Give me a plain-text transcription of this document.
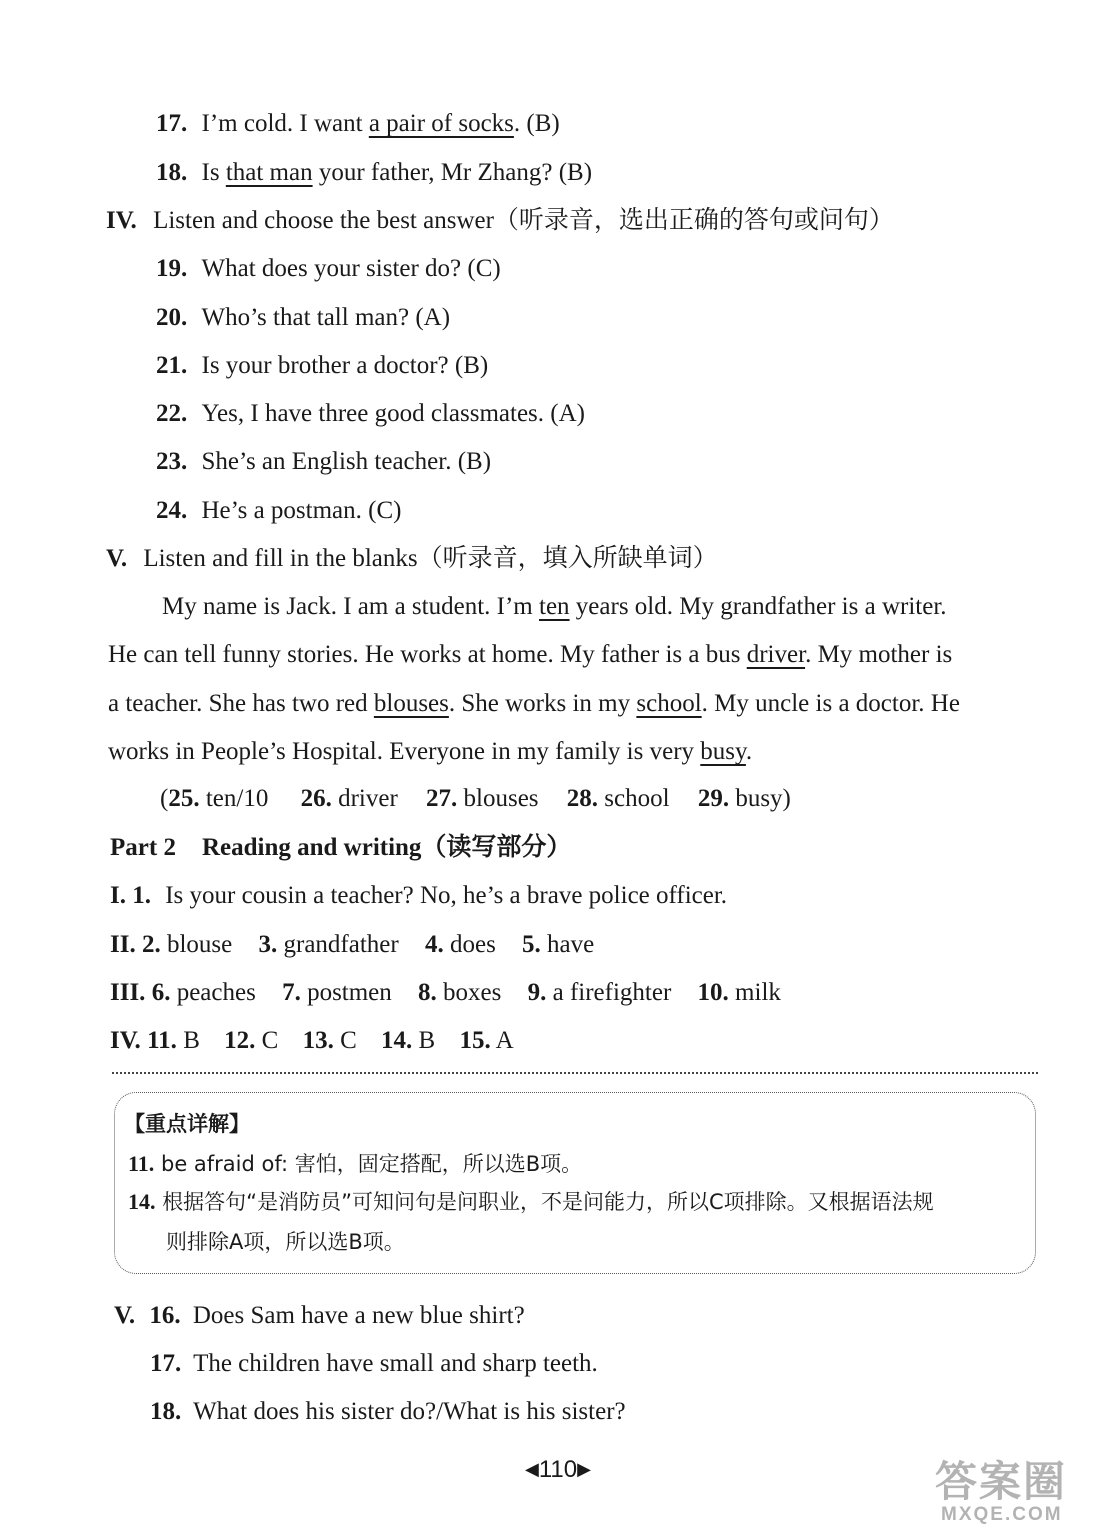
17. I’m cold. I want a pair of socks. (B)
18. Is that man your father, Mr Zhang? (B)
IV. Listen and choose the best answer（听录音，选出正确的答句或问句）
19. What does your sister do? (C)
20. Who’s that tall man? (A)
21. Is your brother a doctor? (B)
22. Yes, I have three good classmates. (A)
23. She’s an English teacher. (B)
24. He’s a postman. (C)
V. Listen and fill in the blanks（听录音，填入所缺单词）
My name is Jack. I am a student. I’m ten years old. My grandfather is a writer.
He can tell funny stories. He works at home. My father is a bus driver. My mother is
a teacher. She has two red blouses. She works in my school. My uncle is a doctor. He
works in People’s Hospital. Everyone in my family is very busy.
(25. ten/10 26. driver 27. blouses 28. school 29. busy)
Part 2 Reading and writing（读写部分）
I. 1. Is your cousin a teacher? No, he’s a brave police officer.
II. 2. blouse 3. grandfather 4. does 5. have
III. 6. peaches 7. postmen 8. boxes 9. a firefighter 10. milk
IV. 11. B 12. C 13. C 14. B 15. A
【重点详解】
11. be afraid of: 害怕，固定搭配，所以选B项。
14. 根据答句“是消防员”可知问句是问职业，不是问能力，所以C项排除。又根据语法规
则排除A项，所以选B项。
V. 16. Does Sam have a new blue shirt?
17. The children have small and sharp teeth.
18. What does his sister do?/What is his sister?
◀110▶	答案圈
MXQE.COM
